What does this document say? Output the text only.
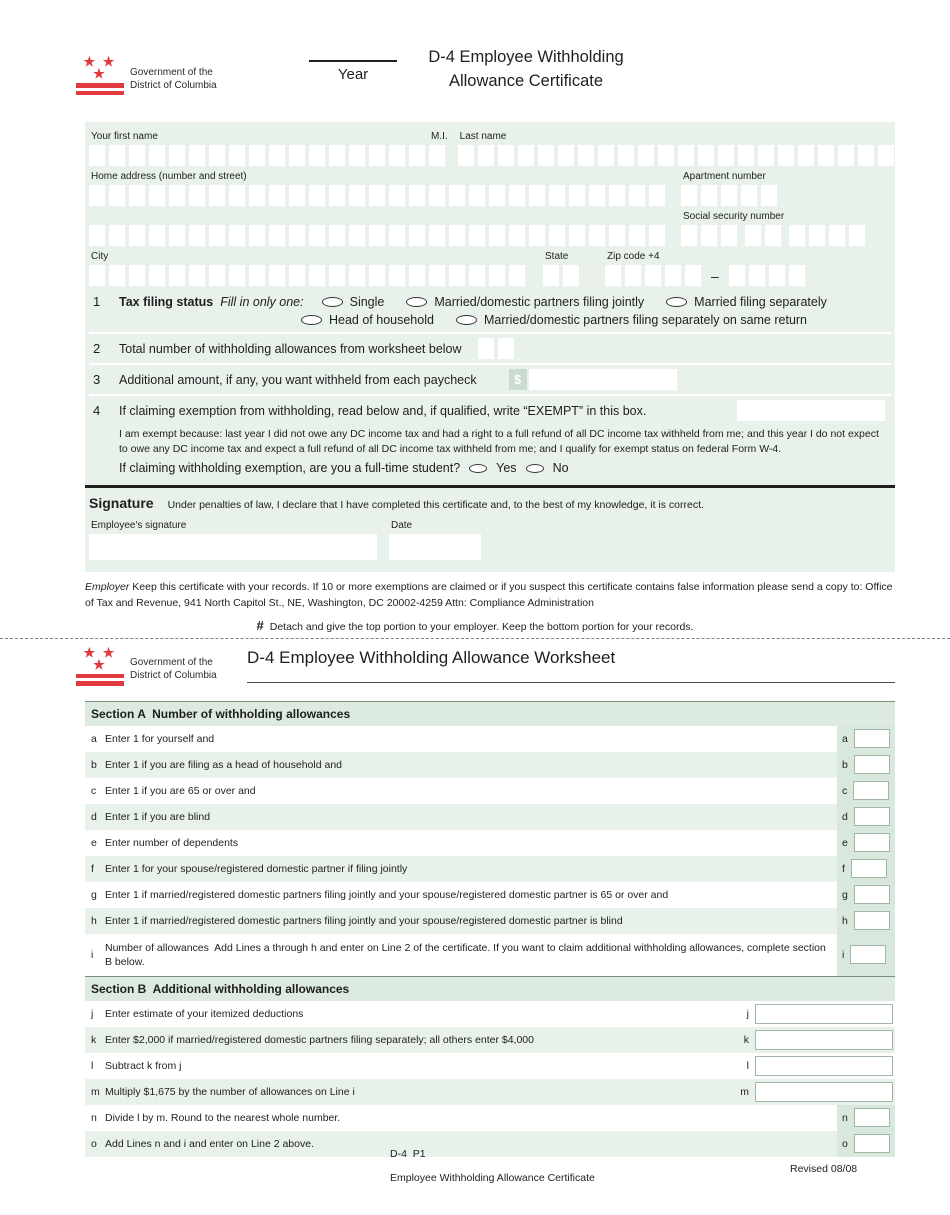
★ ★ ★	Government of the
District of Columbia
Year
D-4 Employee Withholding
Allowance Certificate
Your first name	M.I. Last name
Home address (number and street)	Apartment number
Social security number
City	State	Zip code +4
–
1	Tax filing status Fill in only one:	Single	Married/domestic partners filing jointly	Married filing separately
Head of household	Married/domestic partners filing separately on same return
2	Total number of withholding allowances from worksheet below
3	Additional amount, if any, you want withheld from each paycheck	$
4	If claiming exemption from withholding, read below and, if qualified, write “EXEMPT” in this box.

I am exempt because: last year I did not owe any DC income tax and had a right to a full refund of all DC income tax withheld from me; and this year I do not expect to owe any DC income tax and expect a full refund of all DC income tax withheld from me; and I qualify for exempt status on federal Form W-4.

If claiming withholding exemption, are you a full-time student?	Yes	No
Signature Under penalties of law, I declare that I have completed this certificate and, to the best of my knowledge, it is correct.
Employee's signature	Date

Employer Keep this certificate with your records. If 10 or more exemptions are claimed or if you suspect this certificate contains false information please send a copy to: Office of Tax and Revenue, 941 North Capitol St., NE, Washington, DC 20002-4259 Attn: Compliance Administration

# Detach and give the top portion to your employer. Keep the bottom portion for your records.
★ ★ ★	Government of the
District of Columbia
D-4 Employee Withholding Allowance Worksheet
Section A  Number of withholding allowances
a Enter 1 for yourself and	a
b Enter 1 if you are filing as a head of household and	b
c Enter 1 if you are 65 or over and	c
d Enter 1 if you are blind	d
e Enter number of dependents	e
f	Enter 1 for your spouse/registered domestic partner if filing jointly	f
g Enter 1 if married/registered domestic partners filing jointly and your spouse/registered domestic partner is 65 or over and	g
h Enter 1 if married/registered domestic partners filing jointly and your spouse/registered domestic partner is blind	h
i
Number of allowances  Add Lines a through h and enter on Line 2 of the certificate. If you want to claim additional withholding allowances, complete section B below.
i
Section B  Additional withholding allowances
j	Enter estimate of your itemized deductions	j
k Enter $2,000 if married/registered domestic partners filing separately; all others enter $4,000	k
l	Subtract k from j	l
m Multiply $1,675 by the number of allowances on Line i	m
n Divide l by m. Round to the nearest whole number.	n
o Add Lines n and i and enter on Line 2 above.	o
D-4  P1
Employee Withholding Allowance Certificate
Revised 08/08
